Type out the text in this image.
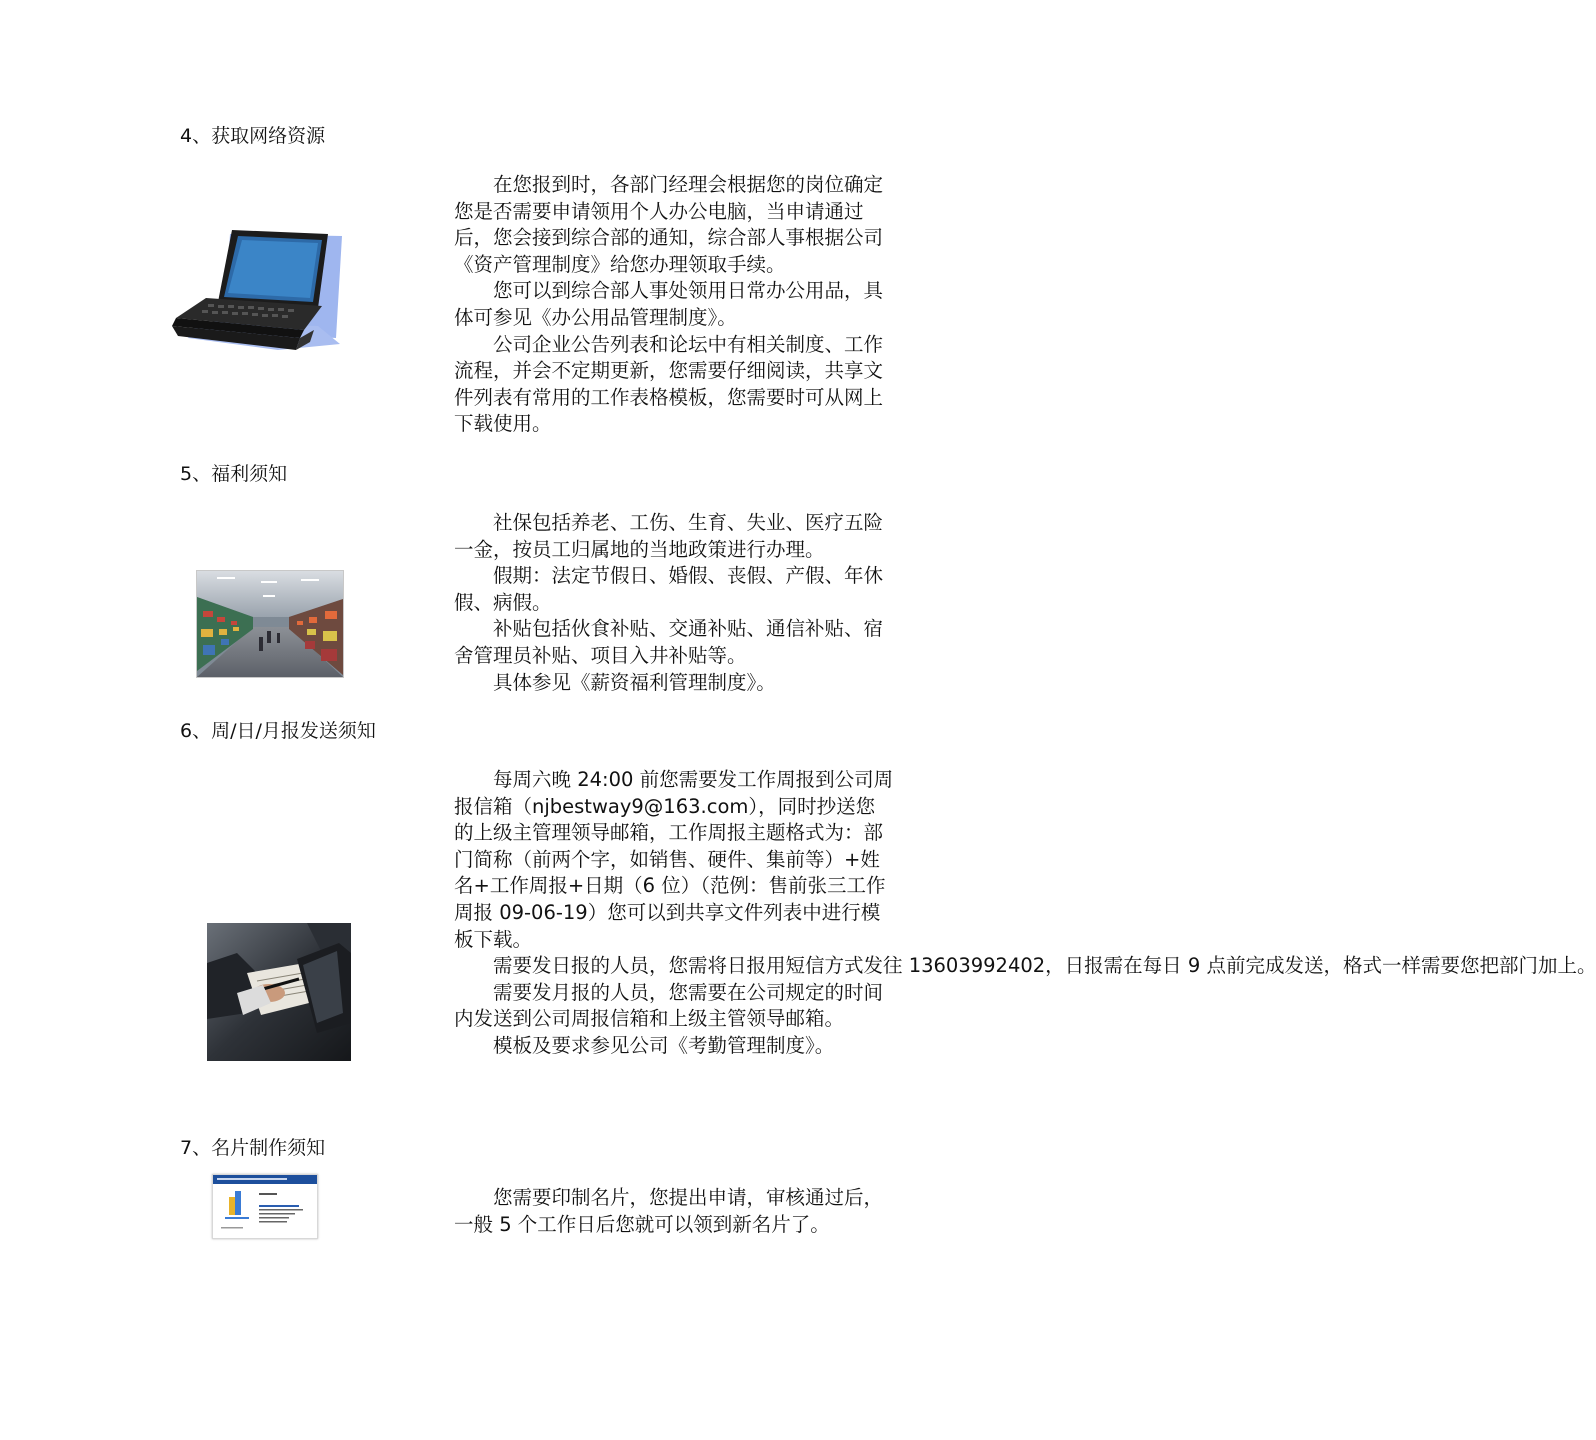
4、获取网络资源

在您报到时，各部门经理会根据您的岗位确定您是否需要申请领用个人办公电脑，当申请通过后，您会接到综合部的通知，综合部人事根据公司《资产管理制度》给您办理领取手续。

您可以到综合部人事处领用日常办公用品，具体可参见《办公用品管理制度》。

公司企业公告列表和论坛中有相关制度、工作流程，并会不定期更新，您需要仔细阅读，共享文件列表有常用的工作表格模板，您需要时可从网上下载使用。

5、福利须知

社保包括养老、工伤、生育、失业、医疗五险一金，按员工归属地的当地政策进行办理。

假期：法定节假日、婚假、丧假、产假、年休假、病假。

补贴包括伙食补贴、交通补贴、通信补贴、宿舍管理员补贴、项目入井补贴等。

具体参见《薪资福利管理制度》。

6、周/日/月报发送须知

每周六晚 24:00 前您需要发工作周报到公司周报信箱（njbestway9@163.com），同时抄送您的上级主管理领导邮箱，工作周报主题格式为：部门简称（前两个字，如销售、硬件、集前等）+姓名+工作周报+日期（6 位）（范例：售前张三工作周报 09-06-19）您可以到共享文件列表中进行模板下载。

需要发日报的人员，您需将日报用短信方式发往 13603992402，日报需在每日 9 点前完成发送，格式一样需要您把部门加上。

需要发月报的人员，您需要在公司规定的时间内发送到公司周报信箱和上级主管领导邮箱。

模板及要求参见公司《考勤管理制度》。

7、名片制作须知

您需要印制名片，您提出申请，审核通过后，一般 5 个工作日后您就可以领到新名片了。
